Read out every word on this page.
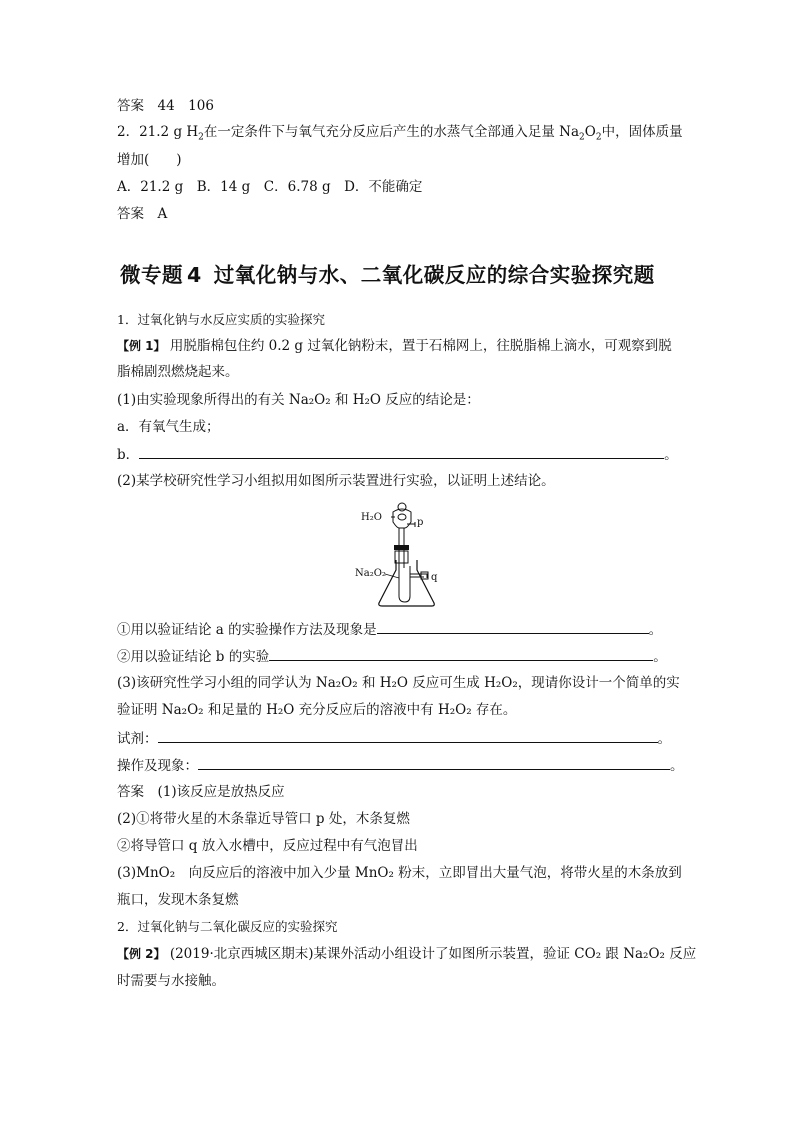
答案　 44　106
2．21.2 g $H_2$在一定条件下与氧气充分反应后产生的水蒸气全部通入足量 $Na_2O_2$中，固体质量
增加(　　)
A．21.2 g　B．14 g　C．6.78 g　D．不能确定
答案　 A
微专题 4 过氧化钠与水、二氧化碳反应的综合实验探究题
1．过氧化钠与水反应实质的实验探究
【例 1】 用脱脂棉包住约 0.2 g 过氧化钠粉末，置于石棉网上，往脱脂棉上滴水，可观察到脱
脂棉剧烈燃烧起来。
(1)由实验现象所得出的有关 Na₂O₂ 和 H₂O 反应的结论是：
a．有氧气生成；
b．	。
(2)某学校研究性学习小组拟用如图所示装置进行实验，以证明上述结论。
H₂O	p
q
Na₂O₂
①用以验证结论 a 的实验操作方法及现象是	。
②用以验证结论 b 的实验	。
(3)该研究性学习小组的同学认为 Na₂O₂ 和 H₂O 反应可生成 H₂O₂，现请你设计一个简单的实
验证明 Na₂O₂ 和足量的 H₂O 充分反应后的溶液中有 H₂O₂ 存在。
试剂：	。
操作及现象：	。
答案　 (1)该反应是放热反应
(2)①将带火星的木条靠近导管口 p 处，木条复燃
②将导管口 q 放入水槽中，反应过程中有气泡冒出
(3)MnO₂　向反应后的溶液中加入少量 MnO₂ 粉末，立即冒出大量气泡，将带火星的木条放到
瓶口，发现木条复燃
2．过氧化钠与二氧化碳反应的实验探究
【例 2】 (2019·北京西城区期末)某课外活动小组设计了如图所示装置，验证 CO₂ 跟 Na₂O₂ 反应
时需要与水接触。
